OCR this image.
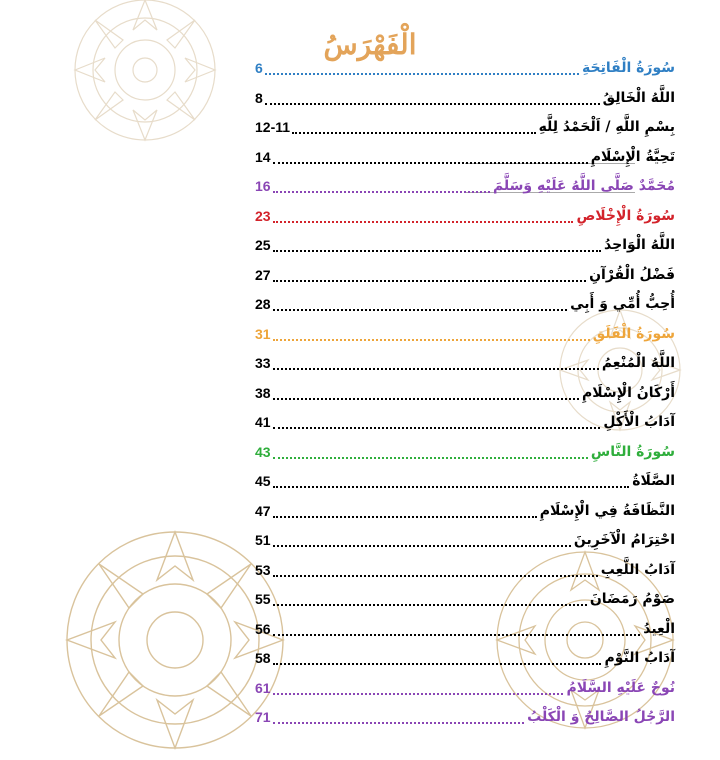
الْفَهْرَسُ
سُورَةُ الْفَاتِحَةِ
6
اللَّهُ الْخَالِقُ
8
بِسْمِ اللَّهِ / اَلْحَمْدُ لِلَّهِ
12-11
تَحِيَّةُ الْإِسْلَامِ
14
مُحَمَّدٌ صَلَّى اللَّهُ عَلَيْهِ وَسَلَّمَ
16
سُورَةُ الْإِخْلَاصِ
23
اللَّهُ الْوَاحِدُ
25
فَضْلُ الْقُرْآنِ
27
أُحِبُّ أُمِّي وَ أَبِي
28
سُورَةُ الْفَلَقِ
31
اللَّهُ الْمُنْعِمُ
33
أَرْكَانُ الْإِسْلَامِ
38
آدَابُ الْأَكْلِ
41
سُورَةُ النَّاسِ
43
الصَّلَاةُ
45
النَّظَافَةُ فِي الْإِسْلَامِ
47
احْتِرَامُ الْآخَرِينَ
51
آدَابُ اللَّعِبِ
53
صَوْمُ رَمَضَانَ
55
الْعِيدُ
56
آدَابُ النَّوْمِ
58
نُوحٌ عَلَيْهِ السَّلَامُ
61
الرَّجُلُ الصَّالِحُ وَ الْكَلْبُ
71
